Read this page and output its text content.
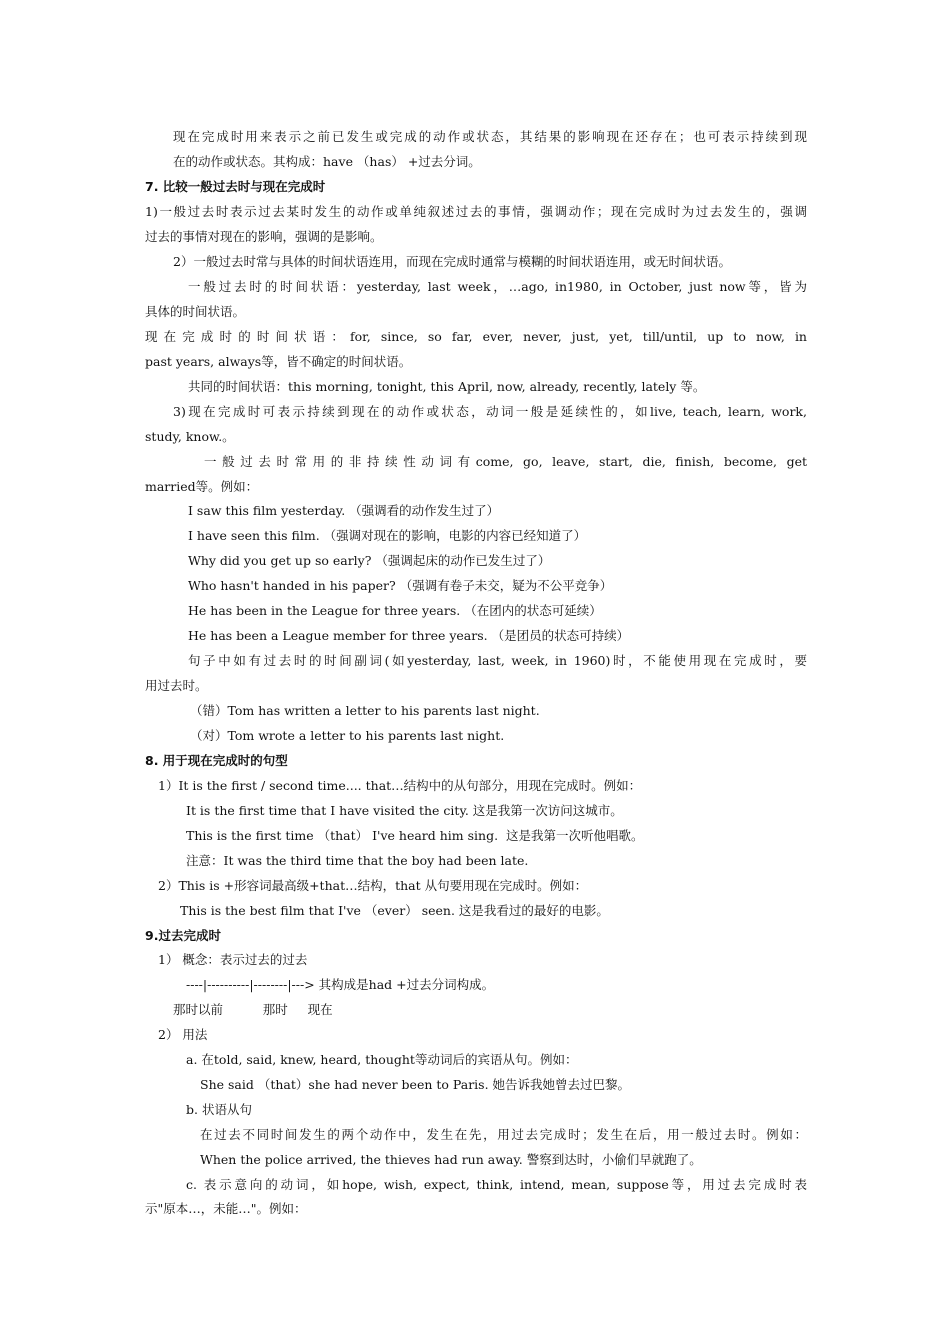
现在完成时用来表示之前已发生或完成的动作或状态，其结果的影响现在还存在；也可表示持续到现
在的动作或状态。其构成：have （has） +过去分词。
7. 比较一般过去时与现在完成时
1)一般过去时表示过去某时发生的动作或单纯叙述过去的事情，强调动作；现在完成时为过去发生的，强调
过去的事情对现在的影响，强调的是影响。
2）一般过去时常与具体的时间状语连用，而现在完成时通常与模糊的时间状语连用，或无时间状语。
一般过去时的时间状语：yesterday, last week，…ago, in1980, in October, just now等，皆为
具体的时间状语。
现在完成时的时间状语：for, since, so far, ever, never, just, yet, till/until, up to now, in
past years, always等，皆不确定的时间状语。
共同的时间状语：this morning, tonight, this April, now, already, recently, lately 等。
3)现在完成时可表示持续到现在的动作或状态，动词一般是延续性的，如live, teach, learn, work,
study, know.。
一般过去时常用的非持续性动词有come, go, leave, start, die, finish, become, get
married等。例如：
I saw this film yesterday. （强调看的动作发生过了）
I have seen this film. （强调对现在的影响，电影的内容已经知道了）
Why did you get up so early? （强调起床的动作已发生过了）
Who hasn't handed in his paper? （强调有卷子未交，疑为不公平竞争）
He has been in the League for three years. （在团内的状态可延续）
He has been a League member for three years. （是团员的状态可持续）
句子中如有过去时的时间副词(如yesterday, last, week, in 1960)时，不能使用现在完成时，要
用过去时。
（错）Tom has written a letter to his parents last night.
（对）Tom wrote a letter to his parents last night.
8. 用于现在完成时的句型
1）It is the first / second time.... that…结构中的从句部分，用现在完成时。例如：
It is the first time that I have visited the city. 这是我第一次访问这城市。
This is the first time （that） I've heard him sing.  这是我第一次听他唱歌。
注意：It was the third time that the boy had been late.
2）This is +形容词最高级+that…结构，that 从句要用现在完成时。例如：
This is the best film that I've （ever） seen. 这是我看过的最好的电影。
9.过去完成时
1） 概念：表示过去的过去
----|----------|--------|---> 其构成是had +过去分词构成。
那时以前          那时     现在
2） 用法
a. 在told, said, knew, heard, thought等动词后的宾语从句。例如：
She said （that）she had never been to Paris. 她告诉我她曾去过巴黎。
b. 状语从句
在过去不同时间发生的两个动作中，发生在先，用过去完成时；发生在后，用一般过去时。例如：
When the police arrived, the thieves had run away. 警察到达时，小偷们早就跑了。
c. 表示意向的动词，如hope, wish, expect, think, intend, mean, suppose等，用过去完成时表
示"原本…，未能…"。例如：
